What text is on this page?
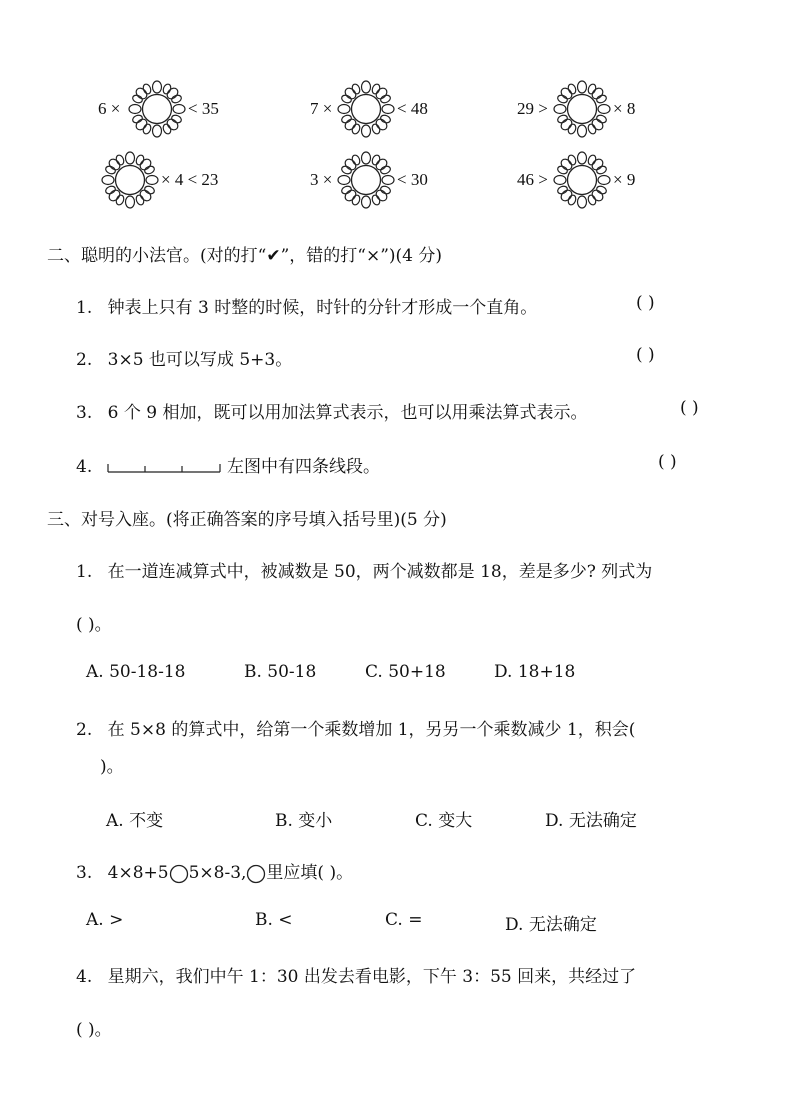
6 ×	< 35	7 ×	< 48	29 >	× 8
× 4 < 23	3 ×	< 30	46 >	× 9
二、聪明的小法官。(对的打“✔”，错的打“×”)(4 分)
1. 钟表上只有 3 时整的时候，时针的分针才形成一个直角。	( )
2. 3×5 也可以写成 5+3。	( )
3. 6 个 9 相加，既可以用加法算式表示，也可以用乘法算式表示。	( )
4.	左图中有四条线段。	( )
三、对号入座。(将正确答案的序号填入括号里)(5 分)
1. 在一道连减算式中，被减数是 50，两个减数都是 18，差是多少? 列式为
( )。
A. 50-18-18	B. 50-18	C. 50+18	D. 18+18
2. 在 5×8 的算式中，给第一个乘数增加 1，另另一个乘数减少 1，积会(
)。
A. 不变	B. 变小	C. 变大	D. 无法确定
3. 4×8+5 5×8-3, 里应填( )。
A. >	B. <	C. =	D. 无法确定
4. 星期六，我们中午 1：30 出发去看电影，下午 3：55 回来，共经过了
( )。
